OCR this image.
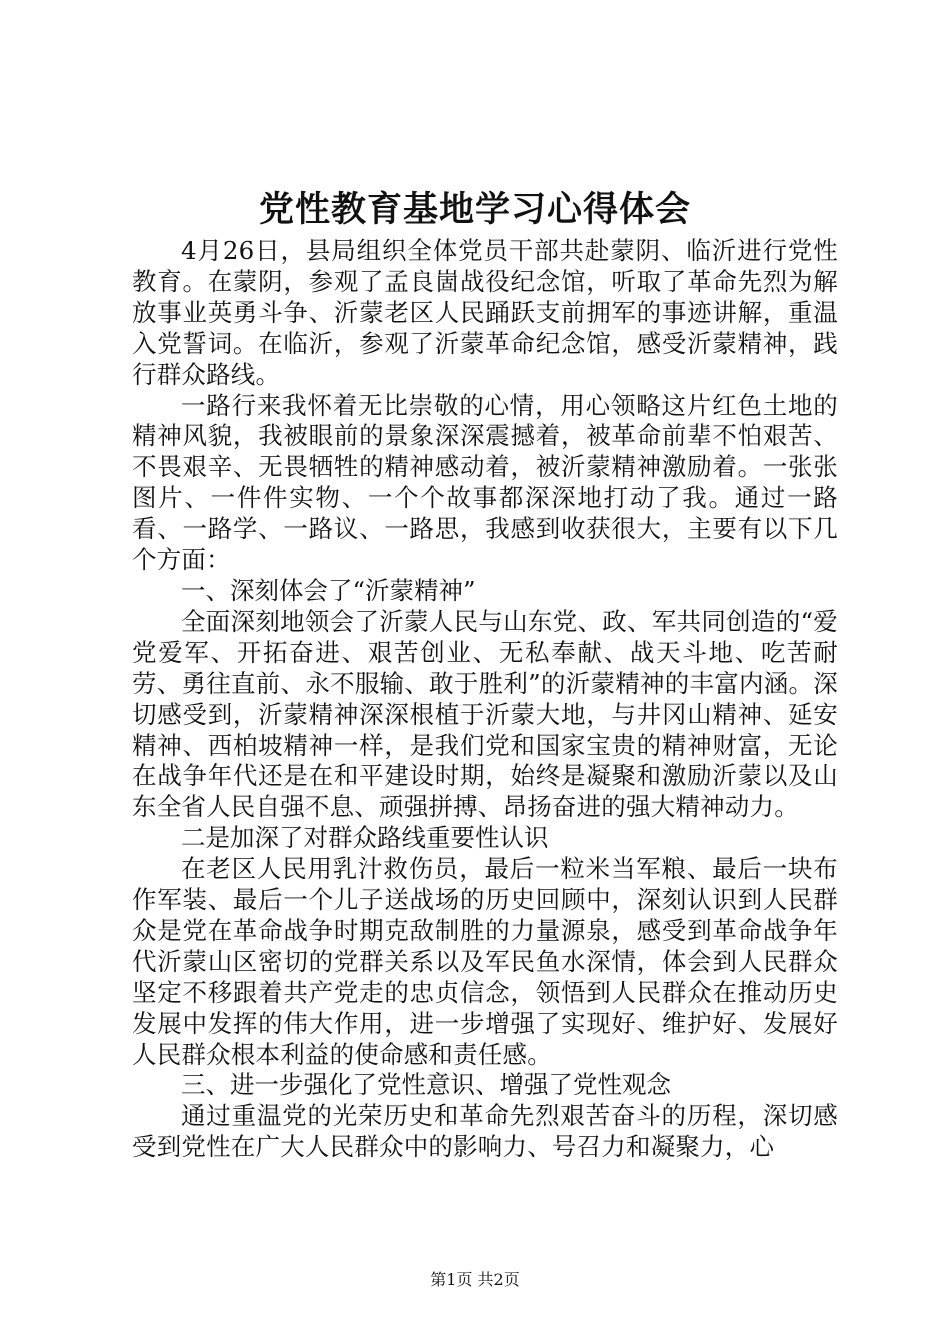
党性教育基地学习心得体会

4月26日，县局组织全体党员干部共赴蒙阴、临沂进行党性教育。在蒙阴，参观了孟良崮战役纪念馆，听取了革命先烈为解放事业英勇斗争、沂蒙老区人民踊跃支前拥军的事迹讲解，重温入党誓词。在临沂，参观了沂蒙革命纪念馆，感受沂蒙精神，践行群众路线。

一路行来我怀着无比崇敬的心情，用心领略这片红色土地的精神风貌，我被眼前的景象深深震撼着，被革命前辈不怕艰苦、不畏艰辛、无畏牺牲的精神感动着，被沂蒙精神激励着。一张张图片、一件件实物、一个个故事都深深地打动了我。通过一路看、一路学、一路议、一路思，我感到收获很大，主要有以下几个方面：

一、深刻体会了“沂蒙精神”

全面深刻地领会了沂蒙人民与山东党、政、军共同创造的“爱党爱军、开拓奋进、艰苦创业、无私奉献、战天斗地、吃苦耐劳、勇往直前、永不服输、敢于胜利”的沂蒙精神的丰富内涵。深切感受到，沂蒙精神深深根植于沂蒙大地，与井冈山精神、延安精神、西柏坡精神一样，是我们党和国家宝贵的精神财富，无论在战争年代还是在和平建设时期，始终是凝聚和激励沂蒙以及山东全省人民自强不息、顽强拼搏、昂扬奋进的强大精神动力。

二是加深了对群众路线重要性认识

在老区人民用乳汁救伤员，最后一粒米当军粮、最后一块布作军装、最后一个儿子送战场的历史回顾中，深刻认识到人民群众是党在革命战争时期克敌制胜的力量源泉，感受到革命战争年代沂蒙山区密切的党群关系以及军民鱼水深情，体会到人民群众坚定不移跟着共产党走的忠贞信念，领悟到人民群众在推动历史发展中发挥的伟大作用，进一步增强了实现好、维护好、发展好人民群众根本利益的使命感和责任感。

三、进一步强化了党性意识、增强了党性观念

通过重温党的光荣历史和革命先烈艰苦奋斗的历程，深切感受到党性在广大人民群众中的影响力、号召力和凝聚力，心

第1页 共2页
